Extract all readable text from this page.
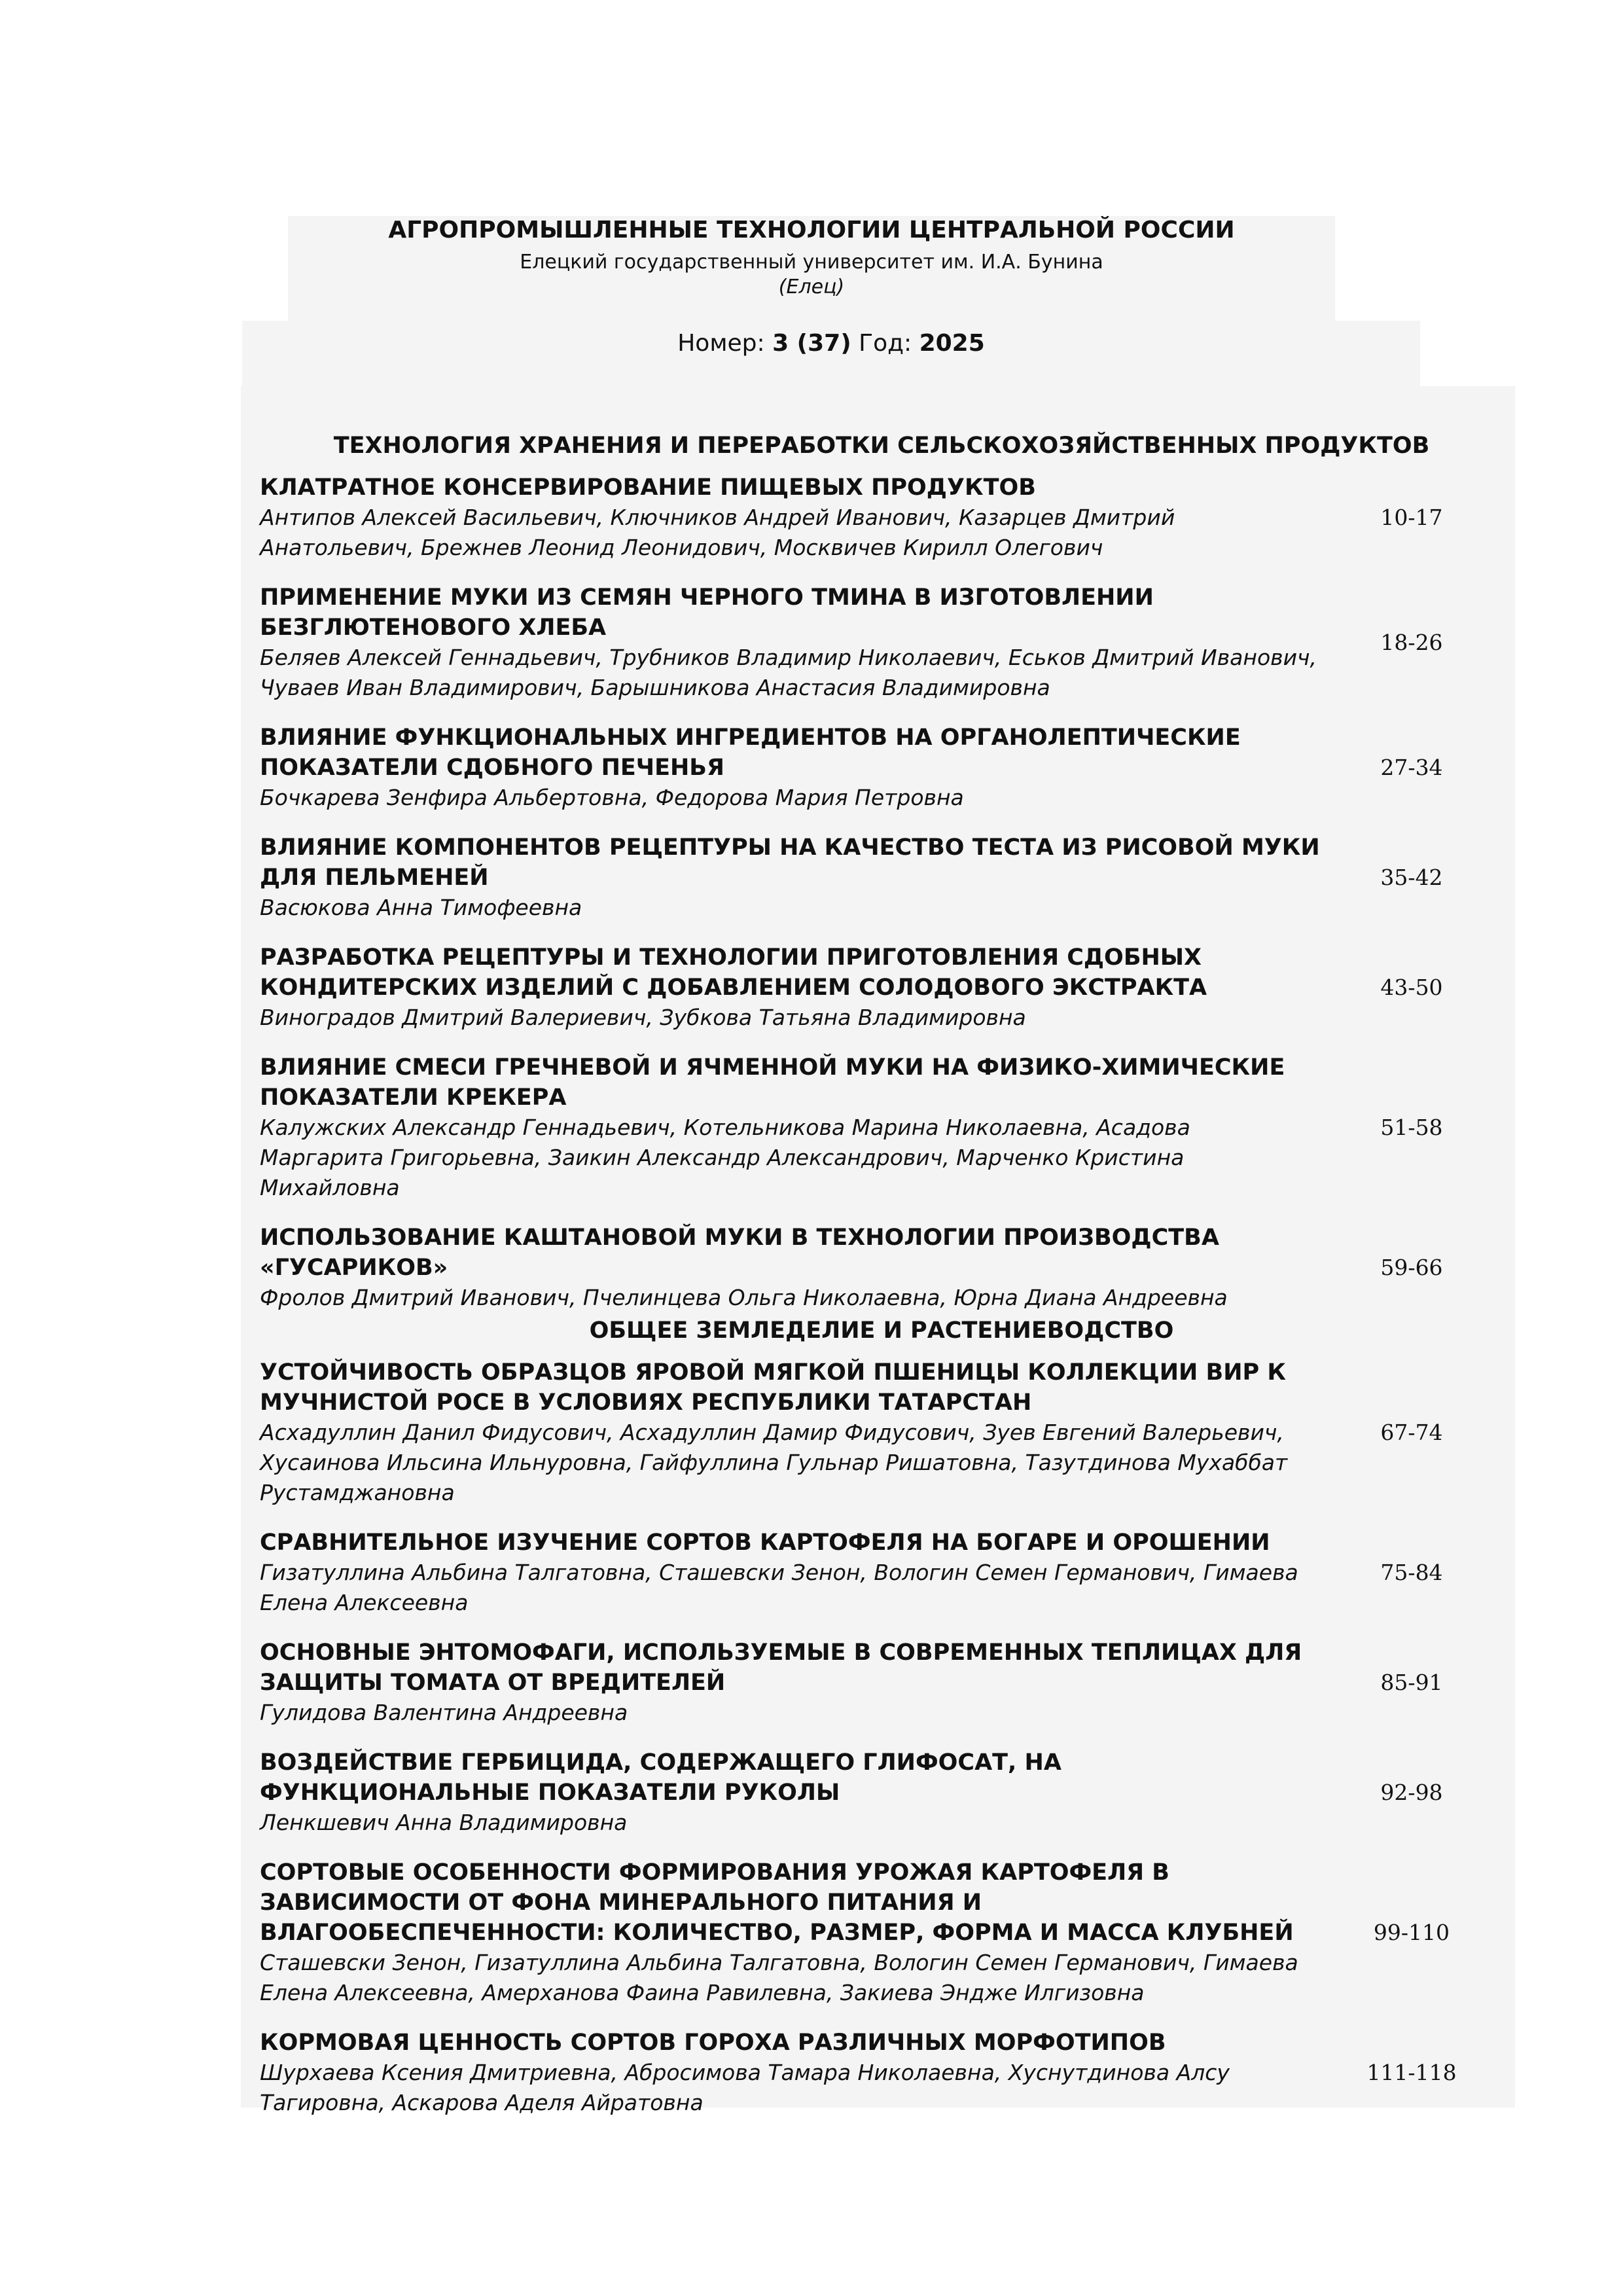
АГРОПРОМЫШЛЕННЫЕ ТЕХНОЛОГИИ ЦЕНТРАЛЬНОЙ РОССИИ
Елецкий государственный университет им. И.А. Бунина
(Елец)
Номер: 3 (37) Год: 2025
ТЕХНОЛОГИЯ ХРАНЕНИЯ И ПЕРЕРАБОТКИ СЕЛЬСКОХОЗЯЙСТВЕННЫХ ПРОДУКТОВ
КЛАТРАТНОЕ КОНСЕРВИРОВАНИЕ ПИЩЕВЫХ ПРОДУКТОВ
Антипов Алексей Васильевич, Ключников Андрей Иванович, Казарцев Дмитрий Анатольевич, Брежнев Леонид Леонидович, Москвичев Кирилл Олегович
10-17
ПРИМЕНЕНИЕ МУКИ ИЗ СЕМЯН ЧЕРНОГО ТМИНА В ИЗГОТОВЛЕНИИ БЕЗГЛЮТЕНОВОГО ХЛЕБА
Беляев Алексей Геннадьевич, Трубников Владимир Николаевич, Еськов Дмитрий Иванович, Чуваев Иван Владимирович, Барышникова Анастасия Владимировна
18-26
ВЛИЯНИЕ ФУНКЦИОНАЛЬНЫХ ИНГРЕДИЕНТОВ НА ОРГАНОЛЕПТИЧЕСКИЕ ПОКАЗАТЕЛИ СДОБНОГО ПЕЧЕНЬЯ
Бочкарева Зенфира Альбертовна, Федорова Мария Петровна
27-34
ВЛИЯНИЕ КОМПОНЕНТОВ РЕЦЕПТУРЫ НА КАЧЕСТВО ТЕСТА ИЗ РИСОВОЙ МУКИ ДЛЯ ПЕЛЬМЕНЕЙ
Васюкова Анна Тимофеевна
35-42
РАЗРАБОТКА РЕЦЕПТУРЫ И ТЕХНОЛОГИИ ПРИГОТОВЛЕНИЯ СДОБНЫХ КОНДИТЕРСКИХ ИЗДЕЛИЙ С ДОБАВЛЕНИЕМ СОЛОДОВОГО ЭКСТРАКТА
Виноградов Дмитрий Валериевич, Зубкова Татьяна Владимировна
43-50
ВЛИЯНИЕ СМЕСИ ГРЕЧНЕВОЙ И ЯЧМЕННОЙ МУКИ НА ФИЗИКО-ХИМИЧЕСКИЕ ПОКАЗАТЕЛИ КРЕКЕРА
Калужских Александр Геннадьевич, Котельникова Марина Николаевна, Асадова Маргарита Григорьевна, Заикин Александр Александрович, Марченко Кристина Михайловна
51-58
ИСПОЛЬЗОВАНИЕ КАШТАНОВОЙ МУКИ В ТЕХНОЛОГИИ ПРОИЗВОДСТВА «ГУСАРИКОВ»
Фролов Дмитрий Иванович, Пчелинцева Ольга Николаевна, Юрна Диана Андреевна
59-66
ОБЩЕЕ ЗЕМЛЕДЕЛИЕ И РАСТЕНИЕВОДСТВО
УСТОЙЧИВОСТЬ ОБРАЗЦОВ ЯРОВОЙ МЯГКОЙ ПШЕНИЦЫ КОЛЛЕКЦИИ ВИР К МУЧНИСТОЙ РОСЕ В УСЛОВИЯХ РЕСПУБЛИКИ ТАТАРСТАН
Асхадуллин Данил Фидусович, Асхадуллин Дамир Фидусович, Зуев Евгений Валерьевич, Хусаинова Ильсина Ильнуровна, Гайфуллина Гульнар Ришатовна, Тазутдинова Мухаббат Рустамджановна
67-74
СРАВНИТЕЛЬНОЕ ИЗУЧЕНИЕ СОРТОВ КАРТОФЕЛЯ НА БОГАРЕ И ОРОШЕНИИ
Гизатуллина Альбина Талгатовна, Сташевски Зенон, Вологин Семен Германович, Гимаева Елена Алексеевна
75-84
ОСНОВНЫЕ ЭНТОМОФАГИ, ИСПОЛЬЗУЕМЫЕ В СОВРЕМЕННЫХ ТЕПЛИЦАХ ДЛЯ ЗАЩИТЫ ТОМАТА ОТ ВРЕДИТЕЛЕЙ
Гулидова Валентина Андреевна
85-91
ВОЗДЕЙСТВИЕ ГЕРБИЦИДА, СОДЕРЖАЩЕГО ГЛИФОСАТ, НА ФУНКЦИОНАЛЬНЫЕ ПОКАЗАТЕЛИ РУКОЛЫ
Ленкшевич Анна Владимировна
92-98
СОРТОВЫЕ ОСОБЕННОСТИ ФОРМИРОВАНИЯ УРОЖАЯ КАРТОФЕЛЯ В ЗАВИСИМОСТИ ОТ ФОНА МИНЕРАЛЬНОГО ПИТАНИЯ И ВЛАГООБЕСПЕЧЕННОСТИ: КОЛИЧЕСТВО, РАЗМЕР, ФОРМА И МАССА КЛУБНЕЙ
Сташевски Зенон, Гизатуллина Альбина Талгатовна, Вологин Семен Германович, Гимаева Елена Алексеевна, Амерханова Фаина Равилевна, Закиева Эндже Илгизовна
99-110
КОРМОВАЯ ЦЕННОСТЬ СОРТОВ ГОРОХА РАЗЛИЧНЫХ МОРФОТИПОВ
Шурхаева Ксения Дмитриевна, Абросимова Тамара Николаевна, Хуснутдинова Алсу Тагировна, Аскарова Аделя Айратовна
111-118
